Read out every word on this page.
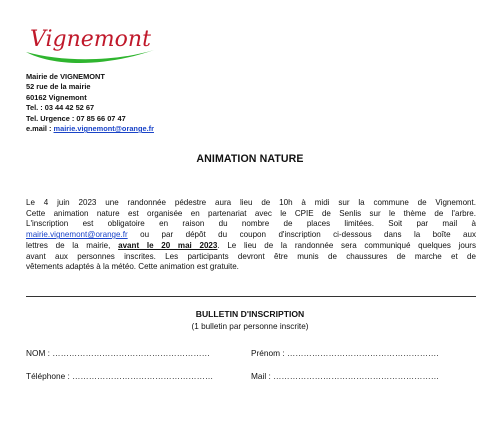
Vignemont
Mairie de VIGNEMONT
52 rue de la mairie
60162 Vignemont
Tel. : 03 44 42 52 67
Tel. Urgence : 07 85 66 07 47
e.mail : mairie.vignemont@orange.fr
ANIMATION NATURE
Le 4 juin 2023 une randonnée pédestre aura lieu de 10h à midi sur la commune de Vignemont.
Cette animation nature est organisée en partenariat avec le CPIE de Senlis sur le thème de l'arbre.
L'inscription est obligatoire en raison du nombre de places limitées. Soit par mail à
mairie.vignemont@orange.fr ou par dépôt du coupon d'inscription ci-dessous dans la boîte aux
lettres de la mairie, avant le 20 mai 2023. Le lieu de la randonnée sera communiqué quelques jours
avant aux personnes inscrites. Les participants devront être munis de chaussures de marche et de
vêtements adaptés à la météo. Cette animation est gratuite.
BULLETIN D'INSCRIPTION
(1 bulletin par personne inscrite)
NOM : …………………………………………………	Prénom : ……………………………………………….
Téléphone : ……………………………………………	Mail : ……………………………………………………
